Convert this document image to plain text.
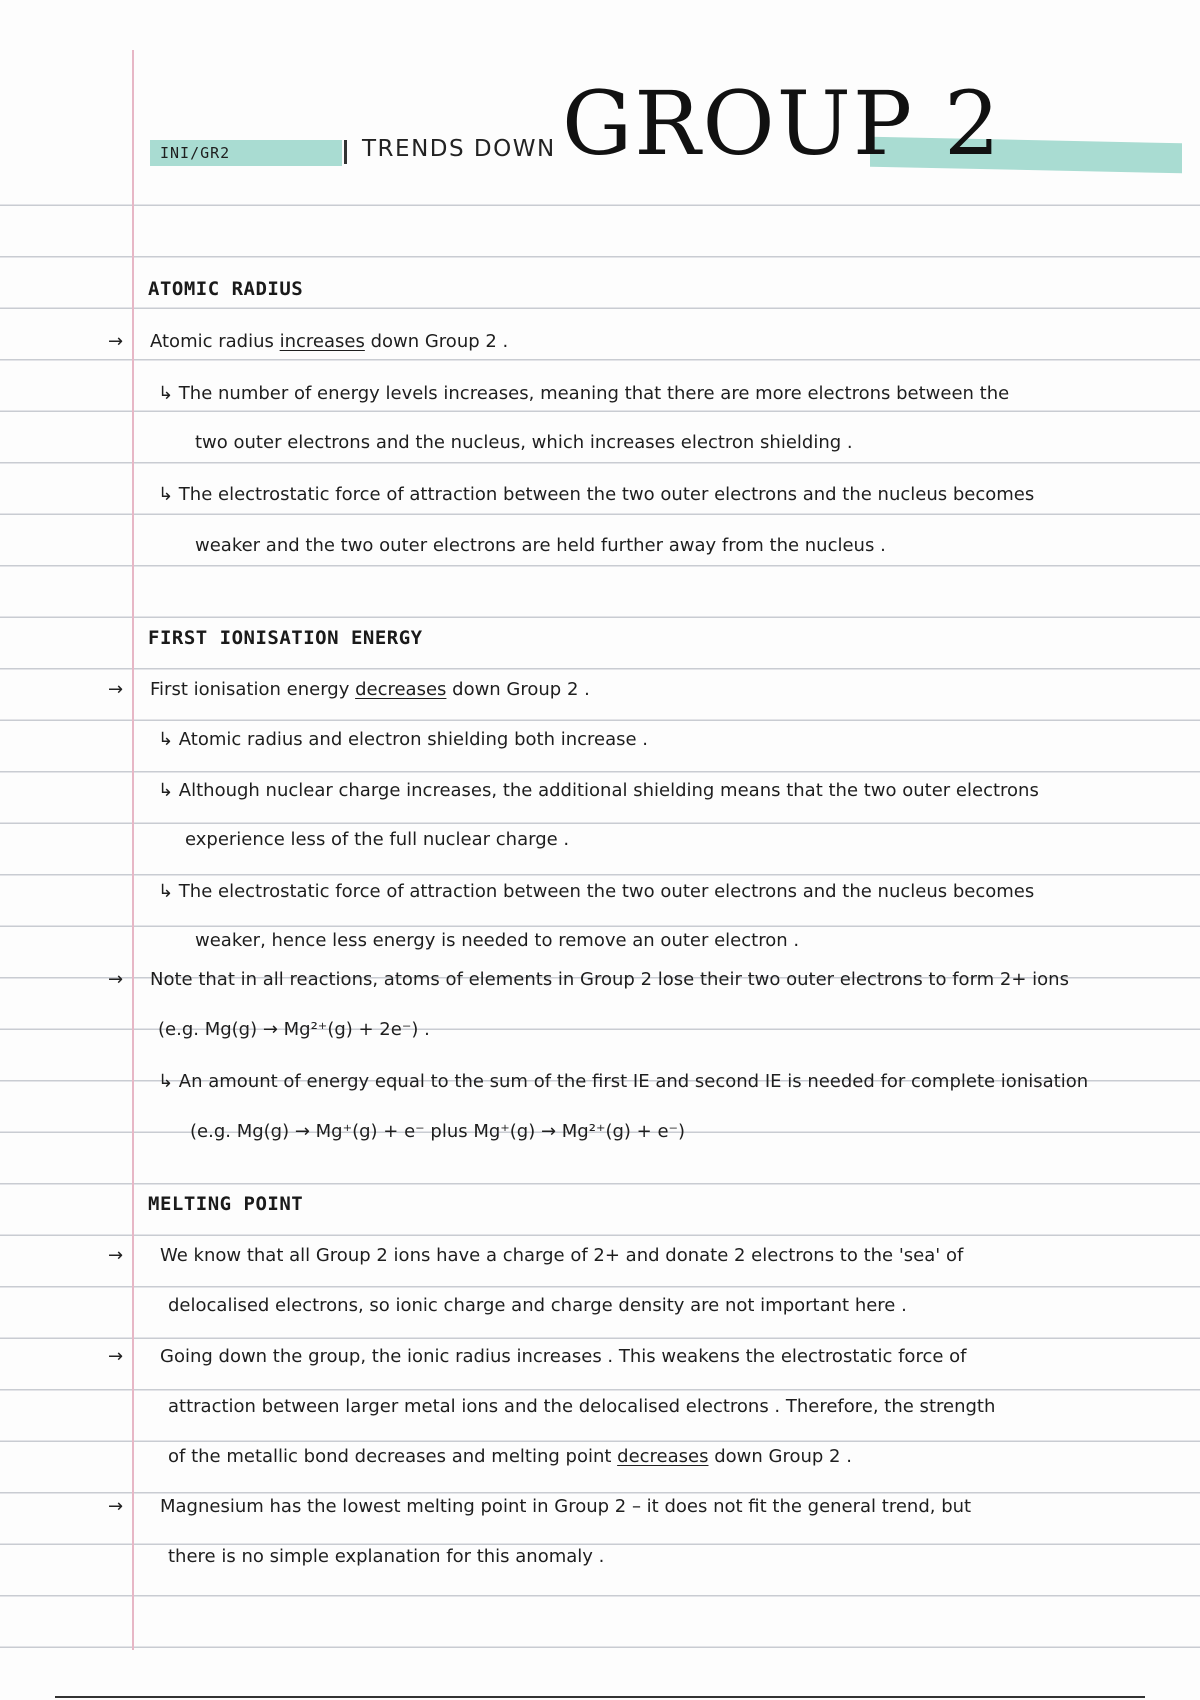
INI/GR2	TRENDS DOWN GROUP 2
ATOMIC RADIUS
→ Atomic radius increases down Group 2 .
↳ The number of energy levels increases, meaning that there are more electrons between the
two outer electrons and the nucleus, which increases electron shielding .
↳ The electrostatic force of attraction between the two outer electrons and the nucleus becomes
weaker and the two outer electrons are held further away from the nucleus .
FIRST IONISATION ENERGY
→ First ionisation energy decreases down Group 2 .
↳ Atomic radius and electron shielding both increase .
↳ Although nuclear charge increases, the additional shielding means that the two outer electrons
experience less of the full nuclear charge .
↳ The electrostatic force of attraction between the two outer electrons and the nucleus becomes
weaker, hence less energy is needed to remove an outer electron .
→ Note that in all reactions, atoms of elements in Group 2 lose their two outer electrons to form 2+ ions
(e.g. Mg(g) → Mg²⁺(g) + 2e⁻) .
↳ An amount of energy equal to the sum of the first IE and second IE is needed for complete ionisation
(e.g. Mg(g) → Mg⁺(g) + e⁻ plus Mg⁺(g) → Mg²⁺(g) + e⁻)
MELTING POINT
→ We know that all Group 2 ions have a charge of 2+ and donate 2 electrons to the 'sea' of
delocalised electrons, so ionic charge and charge density are not important here .
→ Going down the group, the ionic radius increases . This weakens the electrostatic force of
attraction between larger metal ions and the delocalised electrons . Therefore, the strength
of the metallic bond decreases and melting point decreases down Group 2 .
→ Magnesium has the lowest melting point in Group 2 – it does not fit the general trend, but
there is no simple explanation for this anomaly .
